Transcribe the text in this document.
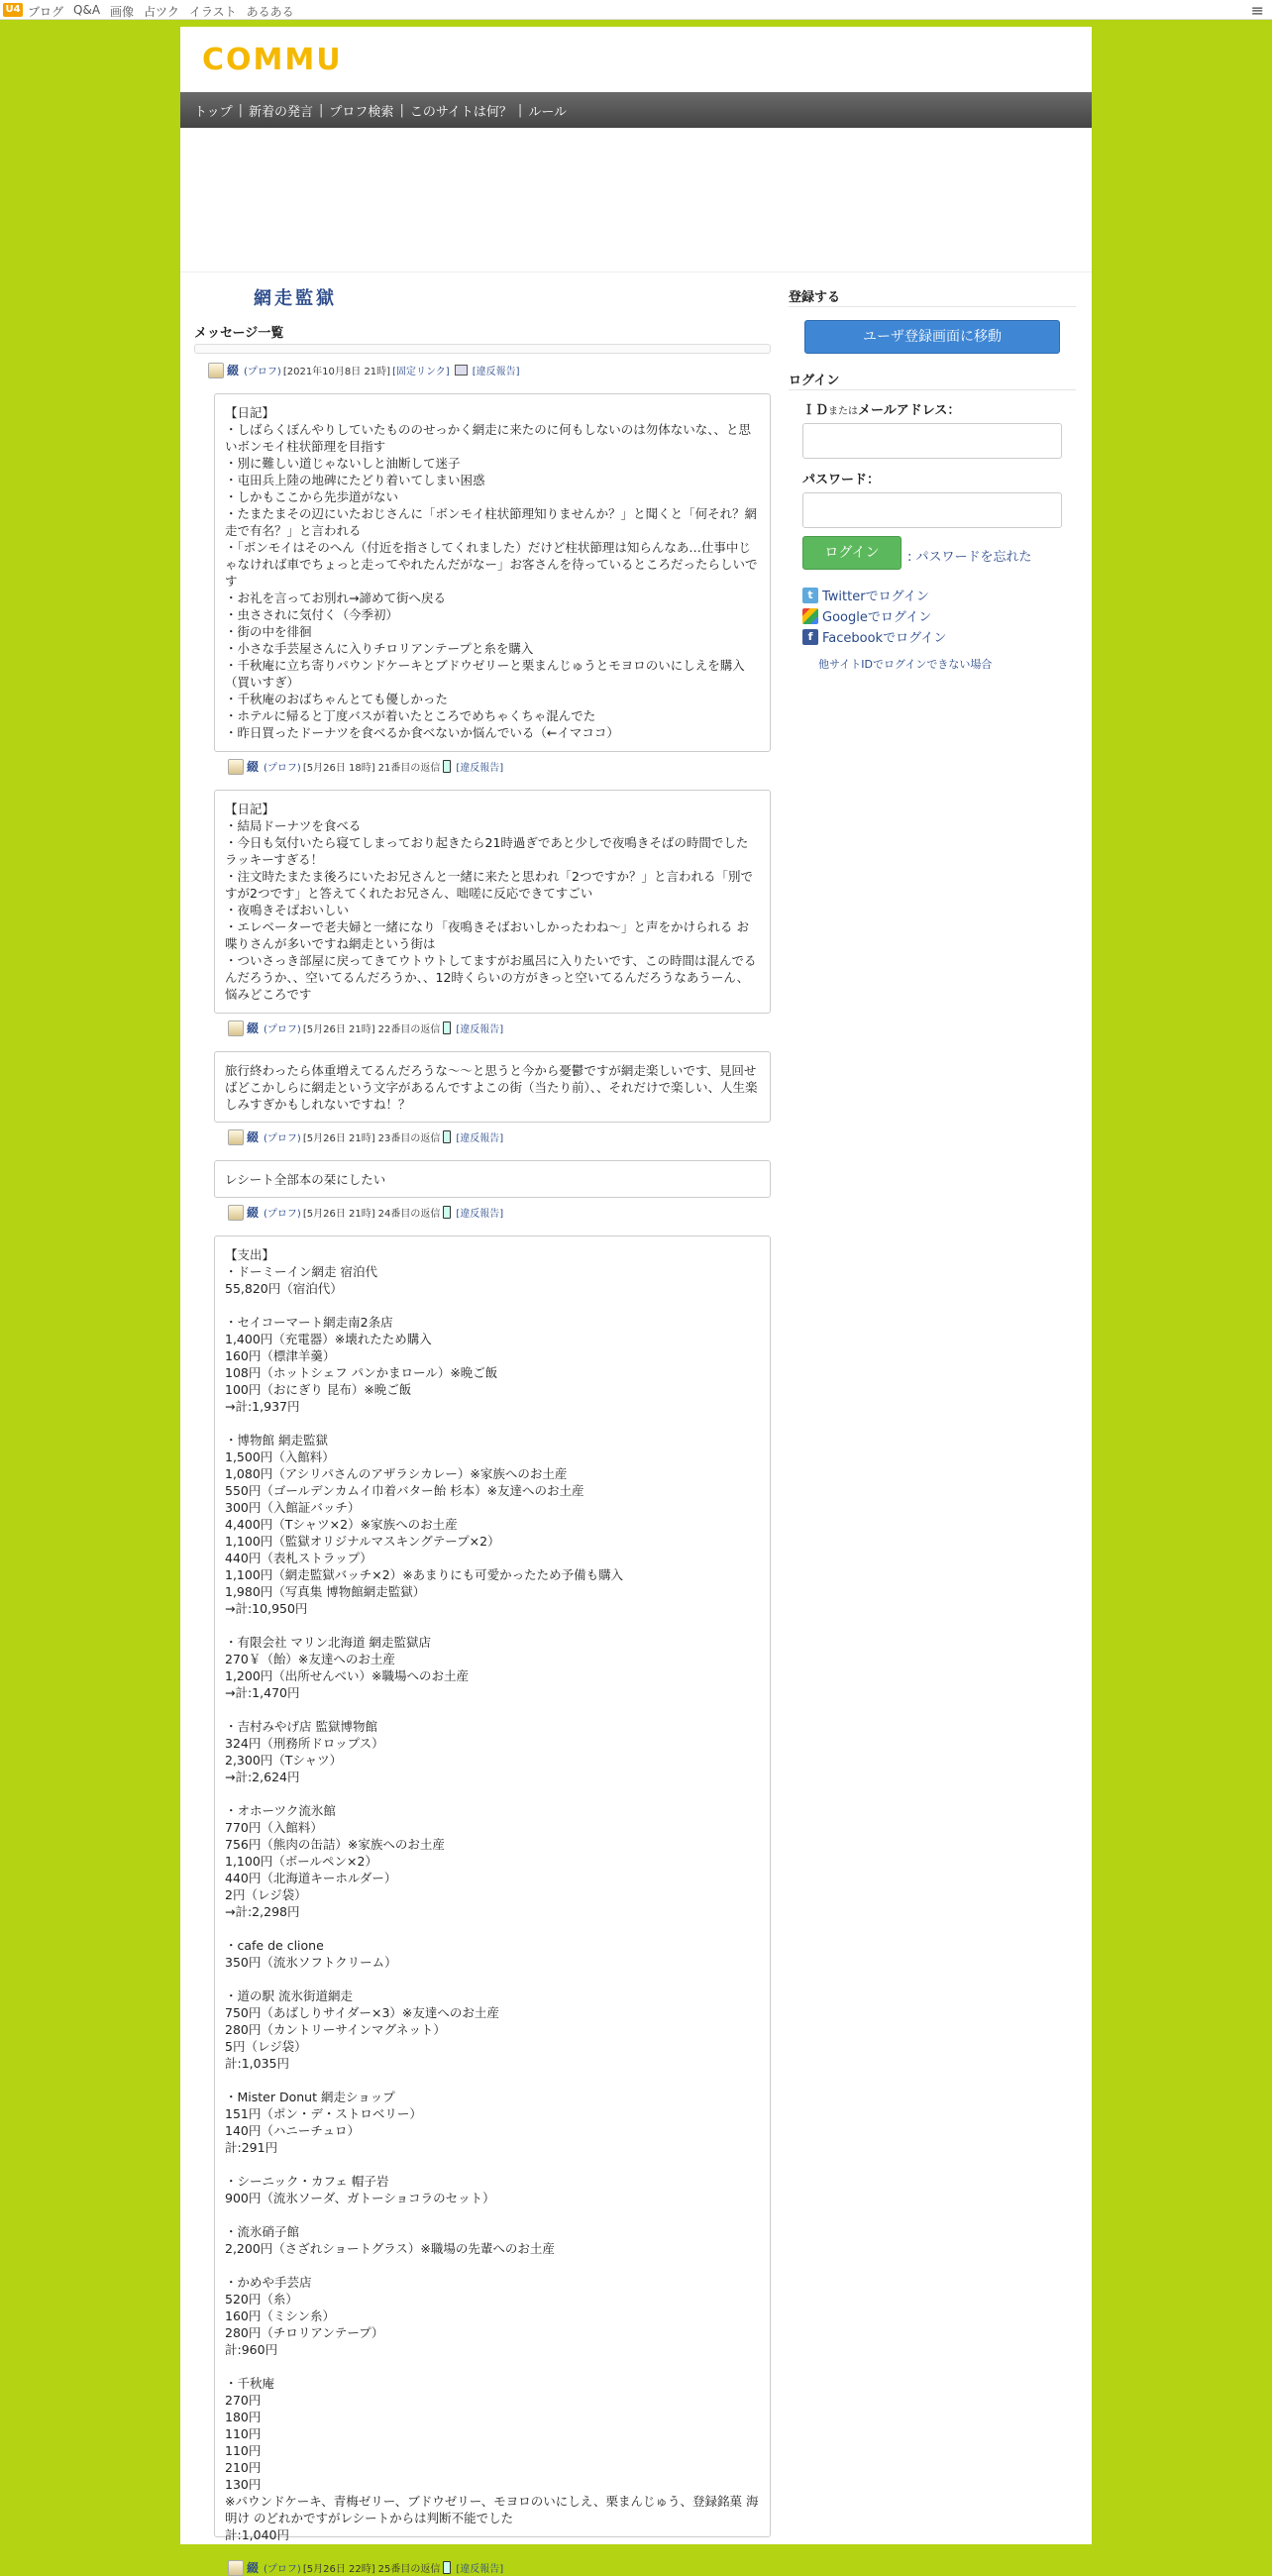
U4 ブログ Q&A 画像 占ツク イラスト あるある	≡
COMMU
トップ | 新着の発言 | プロフ検索 | このサイトは何？ | ルール
網走監獄
メッセージ一覧
綴 (プロフ) [2021年10月8日 21時] [固定リンク] [違反報告]
【日記】
・しばらくぼんやりしていたもののせっかく網走に来たのに何もしないのは勿体ないな、、と思いボンモイ柱状節理を目指す
・別に難しい道じゃないしと油断して迷子
・屯田兵上陸の地碑にたどり着いてしまい困惑
・しかもここから先歩道がない
・たまたまその辺にいたおじさんに「ボンモイ柱状節理知りませんか？」と聞くと「何それ？網走で有名？」と言われる
・「ボンモイはそのへん（付近を指さしてくれました）だけど柱状節理は知らんなあ…仕事中じゃなければ車でちょっと走ってやれたんだがなー」お客さんを待っているところだったらしいです
・お礼を言ってお別れ→諦めて街へ戻る
・虫さされに気付く（今季初）
・街の中を徘徊
・小さな手芸屋さんに入りチロリアンテープと糸を購入
・千秋庵に立ち寄りパウンドケーキとブドウゼリーと栗まんじゅうとモヨロのいにしえを購入（買いすぎ）
・千秋庵のおばちゃんとても優しかった
・ホテルに帰ると丁度バスが着いたところでめちゃくちゃ混んでた
・昨日買ったドーナツを食べるか食べないか悩んでいる（←イマココ）
綴 (プロフ) [5月26日 18時] 21番目の返信 [違反報告]
【日記】
・結局ドーナツを食べる
・今日も気付いたら寝てしまっており起きたら21時過ぎであと少しで夜鳴きそばの時間でしたラッキーすぎる！
・注文時たまたま後ろにいたお兄さんと一緒に来たと思われ「2つですか？」と言われる「別ですが2つです」と答えてくれたお兄さん、咄嗟に反応できてすごい
・夜鳴きそばおいしい
・エレベーターで老夫婦と一緒になり「夜鳴きそばおいしかったわね〜」と声をかけられる お喋りさんが多いですね網走という街は
・ついさっき部屋に戻ってきてウトウトしてますがお風呂に入りたいです、この時間は混んでるんだろうか、、空いてるんだろうか、、12時くらいの方がきっと空いてるんだろうなあうーん、悩みどころです
綴 (プロフ) [5月26日 21時] 22番目の返信 [違反報告]
旅行終わったら体重増えてるんだろうな〜〜と思うと今から憂鬱ですが網走楽しいです、見回せばどこかしらに網走という文字があるんですよこの街（当たり前）、、それだけで楽しい、人生楽しみすぎかもしれないですね！？
綴 (プロフ) [5月26日 21時] 23番目の返信 [違反報告]
レシート全部本の栞にしたい
綴 (プロフ) [5月26日 21時] 24番目の返信 [違反報告]
【支出】
・ドーミーイン網走 宿泊代
55,820円（宿泊代）

・セイコーマート網走南2条店
1,400円（充電器）※壊れたため購入
160円（標津羊羹）
108円（ホットシェフ パンかまロール）※晩ご飯
100円（おにぎり 昆布）※晩ご飯
→計:1,937円

・博物館 網走監獄
1,500円（入館料）
1,080円（アシリパさんのアザラシカレー）※家族へのお土産
550円（ゴールデンカムイ巾着バター飴 杉本）※友達へのお土産
300円（入館証バッチ）
4,400円（Tシャツ×2）※家族へのお土産
1,100円（監獄オリジナルマスキングテープ×2）
440円（表札ストラップ）
1,100円（網走監獄バッチ×2）※あまりにも可愛かったため予備も購入
1,980円（写真集 博物館網走監獄）
→計:10,950円

・有限会社 マリン北海道 網走監獄店
270￥（飴）※友達へのお土産
1,200円（出所せんべい）※職場へのお土産
→計:1,470円

・吉村みやげ店 監獄博物館
324円（刑務所ドロップス）
2,300円（Tシャツ）
→計:2,624円

・オホーツク流氷館
770円（入館料）
756円（熊肉の缶詰）※家族へのお土産
1,100円（ボールペン×2）
440円（北海道キーホルダー）
2円（レジ袋）
→計:2,298円

・cafe de clione
350円（流氷ソフトクリーム）

・道の駅 流氷街道網走
750円（あばしりサイダー×3）※友達へのお土産
280円（カントリーサインマグネット）
5円（レジ袋）
計:1,035円

・Mister Donut 網走ショップ
151円（ポン・デ・ストロベリー）
140円（ハニーチュロ）
計:291円

・シーニック・カフェ 帽子岩
900円（流氷ソーダ、ガトーショコラのセット）

・流氷硝子館
2,200円（さざれショートグラス）※職場の先輩へのお土産

・かめや手芸店
520円（糸）
160円（ミシン糸）
280円（チロリアンテープ）
計:960円

・千秋庵
270円
180円
110円
110円
210円
130円
※パウンドケーキ、青梅ゼリー、ブドウゼリー、モヨロのいにしえ、栗まんじゅう、登録銘菓 海明け のどれかですがレシートからは判断不能でした
計:1,040円
綴 (プロフ) [5月26日 22時] 25番目の返信 [違反報告]
登録する
ユーザ登録画面に移動
ログイン
ＩＤまたはメールアドレス：
パスワード：
ログイン	: パスワードを忘れた
t Twitterでログイン
Googleでログイン
f Facebookでログイン
他サイトIDでログインできない場合
